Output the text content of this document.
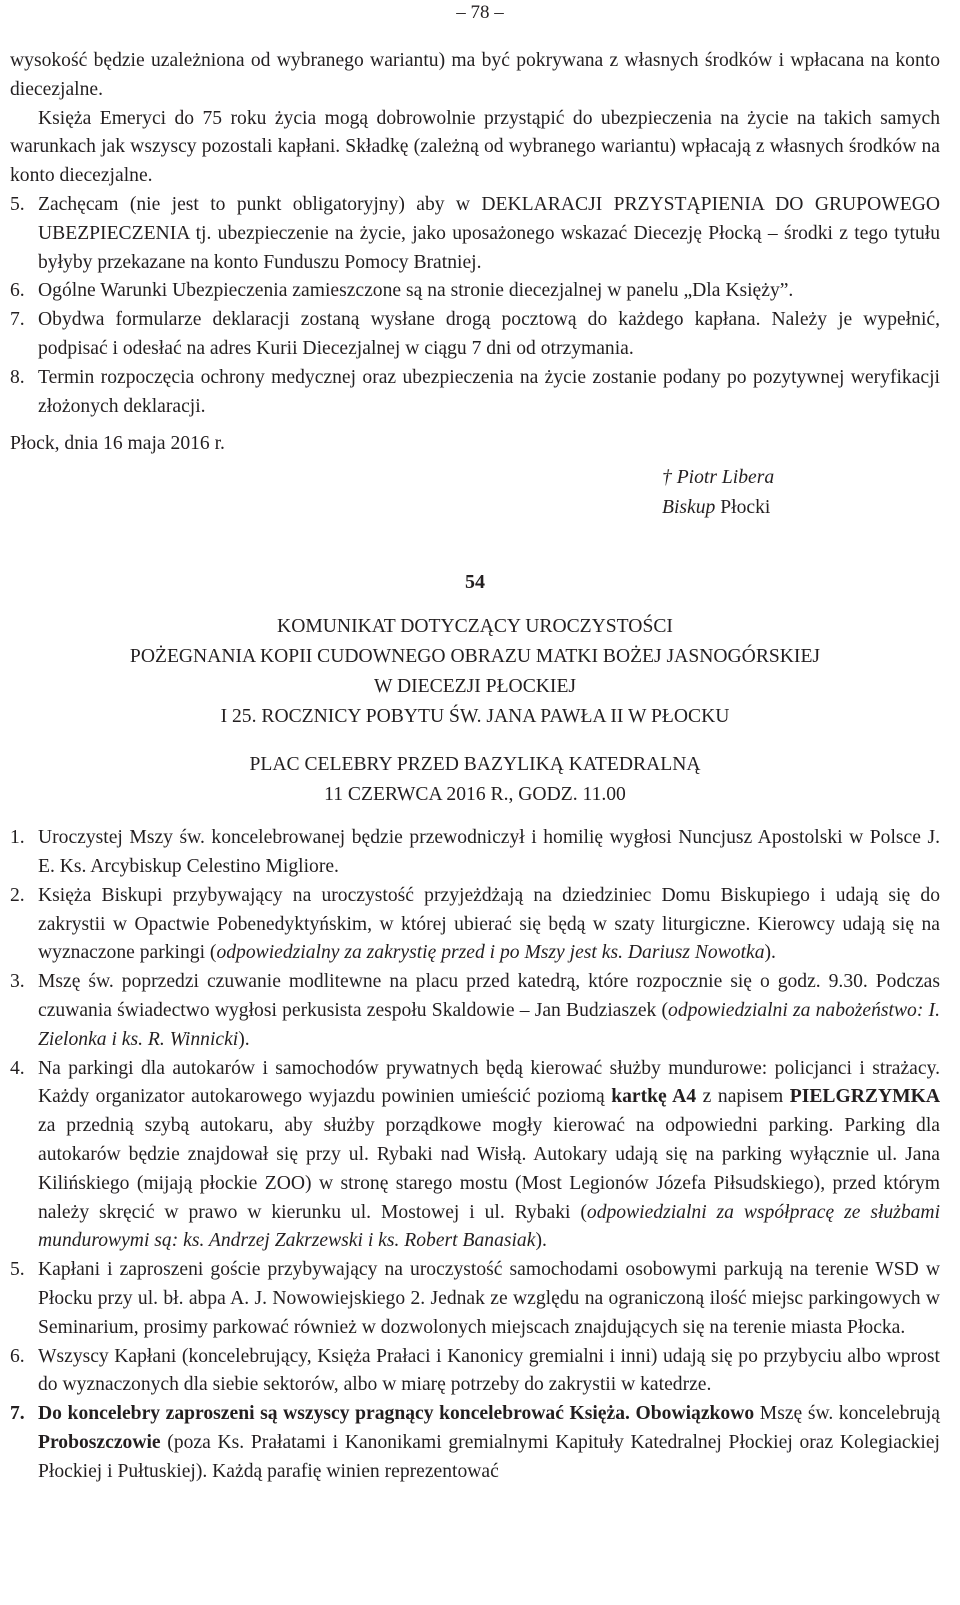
– 78 –

wysokość będzie uzależniona od wybranego wariantu) ma być pokrywana z własnych środków i wpłacana na konto diecezjalne.

Księża Emeryci do 75 roku życia mogą dobrowolnie przystąpić do ubezpieczenia na życie na takich samych warunkach jak wszyscy pozostali kapłani. Składkę (zależną od wybranego wariantu) wpłacają z własnych środków na konto diecezjalne.

5. Zachęcam (nie jest to punkt obligatoryjny) aby w DEKLARACJI PRZYSTĄPIENIA DO GRUPOWEGO UBEZPIECZENIA tj. ubezpieczenie na życie, jako uposażonego wskazać Diecezję Płocką – środki z tego tytułu byłyby przekazane na konto Funduszu Pomocy Bratniej.
6. Ogólne Warunki Ubezpieczenia zamieszczone są na stronie diecezjalnej w panelu „Dla Księży”.
7. Obydwa formularze deklaracji zostaną wysłane drogą pocztową do każdego kapłana. Należy je wypełnić, podpisać i odesłać na adres Kurii Diecezjalnej w ciągu 7 dni od otrzymania.
8. Termin rozpoczęcia ochrony medycznej oraz ubezpieczenia na życie zostanie podany po pozytywnej weryfikacji złożonych deklaracji.

Płock, dnia 16 maja 2016 r.

† Piotr Libera
Biskup Płocki
54
KOMUNIKAT DOTYCZĄCY UROCZYSTOŚCI
POŻEGNANIA KOPII CUDOWNEGO OBRAZU MATKI BOŻEJ JASNOGÓRSKIEJ
W DIECEZJI PŁOCKIEJ
I 25. ROCZNICY POBYTU ŚW. JANA PAWŁA II W PŁOCKU
PLAC CELEBRY PRZED BAZYLIKĄ KATEDRALNĄ
11 CZERWCA 2016 R., GODZ. 11.00
1. Uroczystej Mszy św. koncelebrowanej będzie przewodniczył i homilię wygłosi Nuncjusz Apostolski w Polsce J. E. Ks. Arcybiskup Celestino Migliore.
2. Księża Biskupi przybywający na uroczystość przyjeżdżają na dziedziniec Domu Biskupiego i udają się do zakrystii w Opactwie Pobenedyktyńskim, w której ubierać się będą w szaty liturgiczne. Kierowcy udają się na wyznaczone parkingi (odpowiedzialny za zakrystię przed i po Mszy jest ks. Dariusz Nowotka).
3. Mszę św. poprzedzi czuwanie modlitewne na placu przed katedrą, które rozpocznie się o godz. 9.30. Podczas czuwania świadectwo wygłosi perkusista zespołu Skaldowie – Jan Budziaszek (odpowiedzialni za nabożeństwo: I. Zielonka i ks. R. Winnicki).
4. Na parkingi dla autokarów i samochodów prywatnych będą kierować służby mundurowe: policjanci i strażacy. Każdy organizator autokarowego wyjazdu powinien umieścić poziomą kartkę A4 z napisem PIELGRZYMKA za przednią szybą autokaru, aby służby porządkowe mogły kierować na odpowiedni parking. Parking dla autokarów będzie znajdował się przy ul. Rybaki nad Wisłą. Autokary udają się na parking wyłącznie ul. Jana Kilińskiego (mijają płockie ZOO) w stronę starego mostu (Most Legionów Józefa Piłsudskiego), przed którym należy skręcić w prawo w kierunku ul. Mostowej i ul. Rybaki (odpowiedzialni za współpracę ze służbami mundurowymi są: ks. Andrzej Zakrzewski i ks. Robert Banasiak).
5. Kapłani i zaproszeni goście przybywający na uroczystość samochodami osobowymi parkują na terenie WSD w Płocku przy ul. bł. abpa A. J. Nowowiejskiego 2. Jednak ze względu na ograniczoną ilość miejsc parkingowych w Seminarium, prosimy parkować również w dozwolonych miejscach znajdujących się na terenie miasta Płocka.
6. Wszyscy Kapłani (koncelebrujący, Księża Prałaci i Kanonicy gremialni i inni) udają się po przybyciu albo wprost do wyznaczonych dla siebie sektorów, albo w miarę potrzeby do zakrystii w katedrze.
7. Do koncelebry zaproszeni są wszyscy pragnący koncelebrować Księża. Obowiązkowo Mszę św. koncelebrują Proboszczowie (poza Ks. Prałatami i Kanonikami gremialnymi Kapituły Katedralnej Płockiej oraz Kolegiackiej Płockiej i Pułtuskiej). Każdą parafię winien reprezentować
